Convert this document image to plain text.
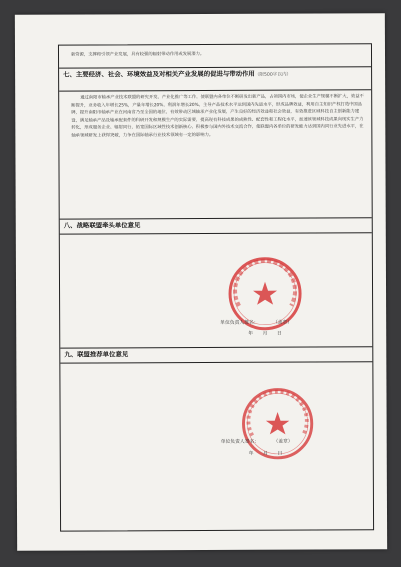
新资源，支撑和引领产业发展，具有较强的辐射带动作用或发展潜力。
七、主要经济、社会、环境效益及对相关产业发展的促进与带动作用（限500字以内）
通过南阳市轴承产业技术联盟的研究开发、产业化推广等工作，使联盟内各单位不断研发出新产品，占领国内市场，使企业生产规模不断扩大，效益不断提升，业务收入年增长25%，产量年增长20%，利润年增长20%，主导产品技术水平达到国内先进水平，形成品牌效益，利用自主知识产权打造中国品牌，提升南阳市轴承产业在河南省乃至全国的地位，有效带动区域轴承产业化发展，产生良好的经济效益和社会效益，有效推进区域科技自主创新能力建设，满足轴承产品及轴承配套件的科研开发和规模生产的实际需要，提高现有科技成果的成熟性、配套性和工程化水平，加速该领域科技成果向现实生产力转化，形成服务企业、辐射同行，拓宽国际区域性技术创新核心，积极参与国内外技术交流合作，使联盟内各单位的研发能力达到国内同行业先进水平，在轴承领域研发上获得突破，力争在国际轴承行业技术领域有一定的影响力。
八、战略联盟牵头单位意见
单位负责人签名：　　　　（盖章）
年　　月　　日
九、联盟推荐单位意见
单位负责人签名：　　　　（盖章）
年　　月　　日
